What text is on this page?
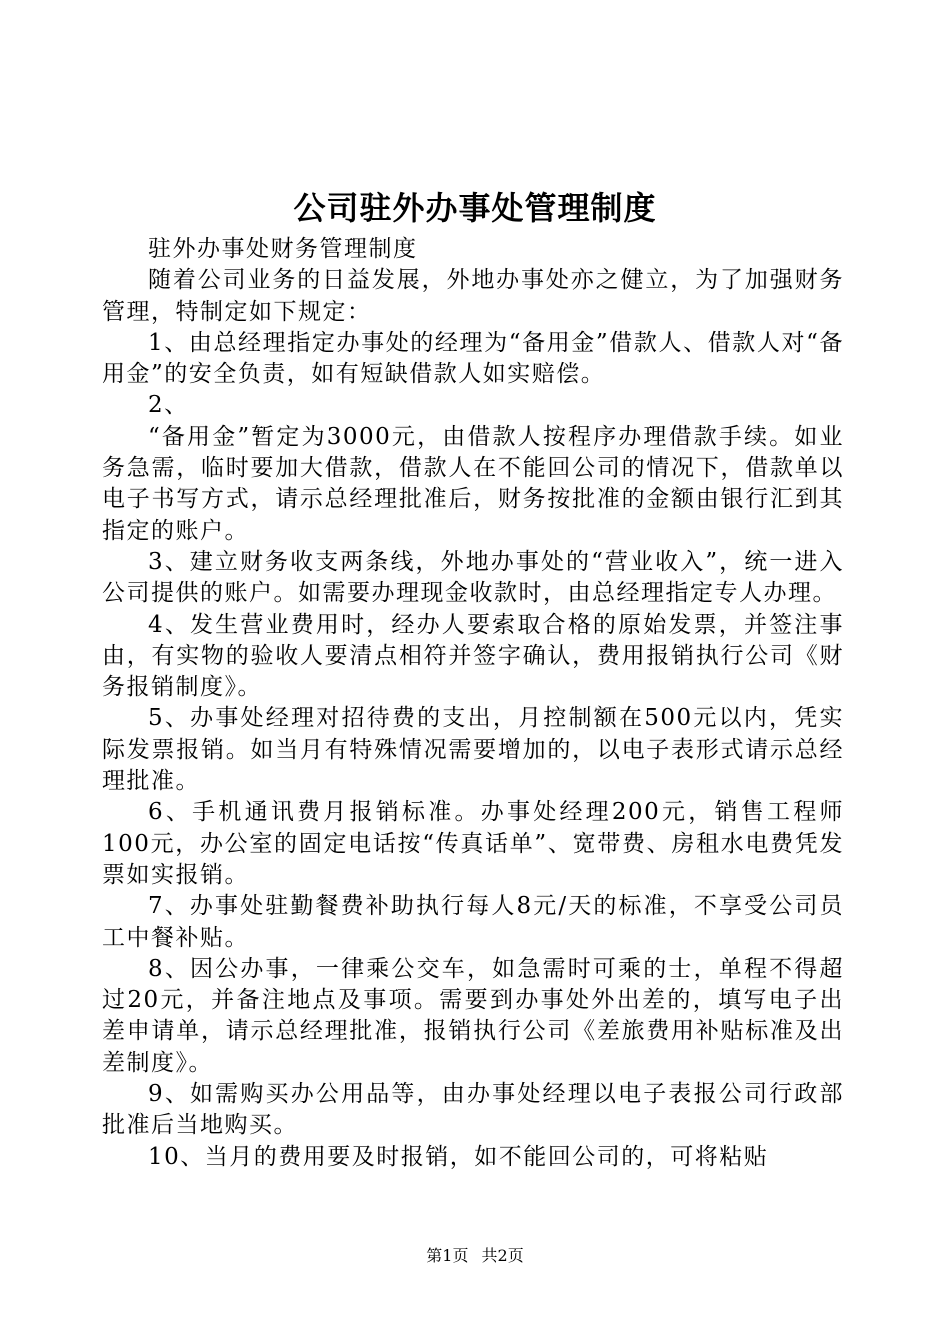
公司驻外办事处管理制度

驻外办事处财务管理制度

随着公司业务的日益发展，外地办事处亦之健立，为了加强财务管理，特制定如下规定：

1、由总经理指定办事处的经理为“备用金”借款人、借款人对“备用金”的安全负责，如有短缺借款人如实赔偿。

2、

“备用金”暂定为3000元，由借款人按程序办理借款手续。如业务急需，临时要加大借款，借款人在不能回公司的情况下，借款单以电子书写方式，请示总经理批准后，财务按批准的金额由银行汇到其指定的账户。

3、建立财务收支两条线，外地办事处的“营业收入”，统一进入公司提供的账户。如需要办理现金收款时，由总经理指定专人办理。

4、发生营业费用时，经办人要索取合格的原始发票，并签注事由，有实物的验收人要清点相符并签字确认，费用报销执行公司《财务报销制度》。

5、办事处经理对招待费的支出，月控制额在500元以内，凭实际发票报销。如当月有特殊情况需要增加的，以电子表形式请示总经理批准。

6、手机通讯费月报销标准。办事处经理200元，销售工程师100元，办公室的固定电话按“传真话单”、宽带费、房租水电费凭发票如实报销。

7、办事处驻勤餐费补助执行每人8元/天的标准，不享受公司员工中餐补贴。

8、因公办事，一律乘公交车，如急需时可乘的士，单程不得超过20元，并备注地点及事项。需要到办事处外出差的，填写电子出差申请单，请示总经理批准，报销执行公司《差旅费用补贴标准及出差制度》。

9、如需购买办公用品等，由办事处经理以电子表报公司行政部批准后当地购买。

10、当月的费用要及时报销，如不能回公司的，可将粘贴

第1页 共2页
